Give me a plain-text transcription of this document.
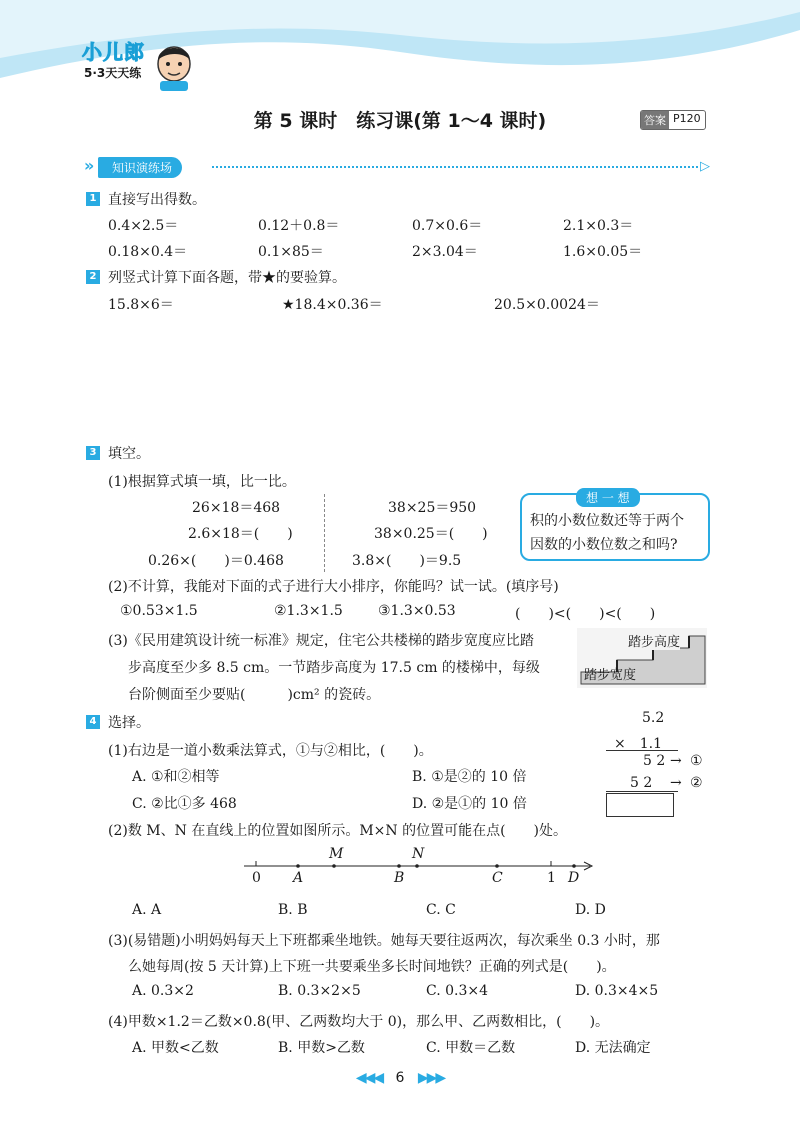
小儿郎
5·3天天练
第 5 课时　练习课(第 1～4 课时)	答案 P120
»	知识演练场	▷
1 直接写出得数。
0.4×2.5＝	0.12＋0.8＝	0.7×0.6＝	2.1×0.3＝
0.18×0.4＝	0.1×85＝	2×3.04＝	1.6×0.05＝
2 列竖式计算下面各题，带★的要验算。
15.8×6＝	★18.4×0.36＝	20.5×0.0024＝
3 填空。
(1)根据算式填一填，比一比。
26×18＝468
2.6×18＝(　　)
0.26×(　　)＝0.468
38×25＝950
38×0.25＝(　　)
3.8×(　　)＝9.5
想 一 想
积的小数位数还等于两个
因数的小数位数之和吗?
(2)不计算，我能对下面的式子进行大小排序，你能吗？试一试。(填序号)
①0.53×1.5	②1.3×1.5	③1.3×0.53	(　　)<(　　)<(　　)
(3)《民用建筑设计统一标准》规定，住宅公共楼梯的踏步宽度应比踏
步高度至少多 8.5 cm。一节踏步高度为 17.5 cm 的楼梯中，每级
台阶侧面至少要贴(　　　)cm² 的瓷砖。
踏步高度
踏步宽度
4 选择。
(1)右边是一道小数乘法算式，①与②相比，(　　)。
A. ①和②相等	B. ①是②的 10 倍
C. ②比①多 468	D. ②是①的 10 倍
5.2
×　1.1
5 2 → ①
5 2 → ②
(2)数 M、N 在直线上的位置如图所示。M×N 的位置可能在点(　　)处。
M	N
0 A	B	C	1 D
A. A	B. B	C. C	D. D
(3)(易错题)小明妈妈每天上下班都乘坐地铁。她每天要往返两次，每次乘坐 0.3 小时，那
么她每周(按 5 天计算)上下班一共要乘坐多长时间地铁？正确的列式是(　　)。
A. 0.3×2	B. 0.3×2×5	C. 0.3×4	D. 0.3×4×5
(4)甲数×1.2＝乙数×0.8(甲、乙两数均大于 0)，那么甲、乙两数相比，(　　)。
A. 甲数<乙数	B. 甲数>乙数	C. 甲数＝乙数	D. 无法确定
◀◀◀ 6 ▶▶▶
